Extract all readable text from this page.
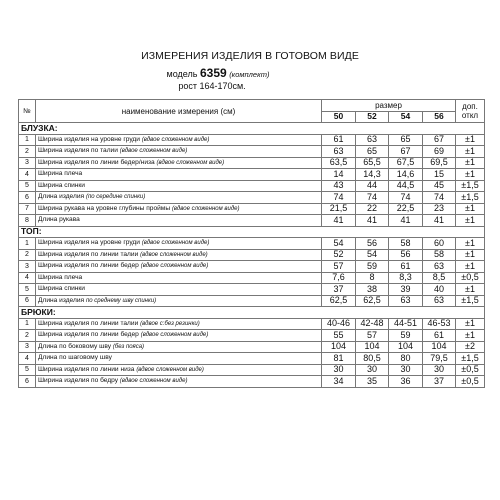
ИЗМЕРЕНИЯ ИЗДЕЛИЯ В ГОТОВОМ ВИДЕ
модель 6359 (комплект)
рост 164-170см.
№	наименование измерения (см)	размер				доп.
откл
		50	52	54	56	
БЛУЗКА:						
1	Ширина изделия на уровне груди (вдвое сложенном виде)	61	63	65	67	±1
2	Ширина изделия по талии (вдвое сложенном виде)	63	65	67	69	±1
3	Ширина изделия по линии бедер/низа (вдвое сложенном виде)	63,5	65,5	67,5	69,5	±1
4	Ширина плеча	14	14,3	14,6	15	±1
5	Ширина спинки	43	44	44,5	45	±1,5
6	Длина изделия (по середине спинки)	74	74	74	74	±1,5
7	Ширина рукава на уровне глубины проймы (вдвое сложенном виде)	21,5	22	22,5	23	±1
8	Длина рукава	41	41	41	41	±1
ТОП:						
1	Ширина изделия на уровне груди (вдвое сложенном виде)	54	56	58	60	±1
2	Ширина изделия по линии талии (вдвое сложенном виде)	52	54	56	58	±1
3	Ширина изделия по линии бедер (вдвое сложенном виде)	57	59	61	63	±1
4	Ширина плеча	7,6	8	8,3	8,5	±0,5
5	Ширина спинки	37	38	39	40	±1
6	Длина изделия по среднему шву спинки)	62,5	62,5	63	63	±1,5
БРЮКИ:						
1	Ширина изделия по линии талии (вдвое с:без резинки)	40-46	42-48	44-51	46-53	±1
2	Ширина изделия по линии бедер (вдвое сложенном виде)	55	57	59	61	±1
3	Длина по боковому шву (без пояса)	104	104	104	104	±2
4	Длина по шаговому шву	81	80,5	80	79,5	±1,5
5	Ширина изделия по линии низа (вдвое сложенном виде)	30	30	30	30	±0,5
6	Ширина изделия по бедру (вдвое сложенном виде)	34	35	36	37	±0,5
